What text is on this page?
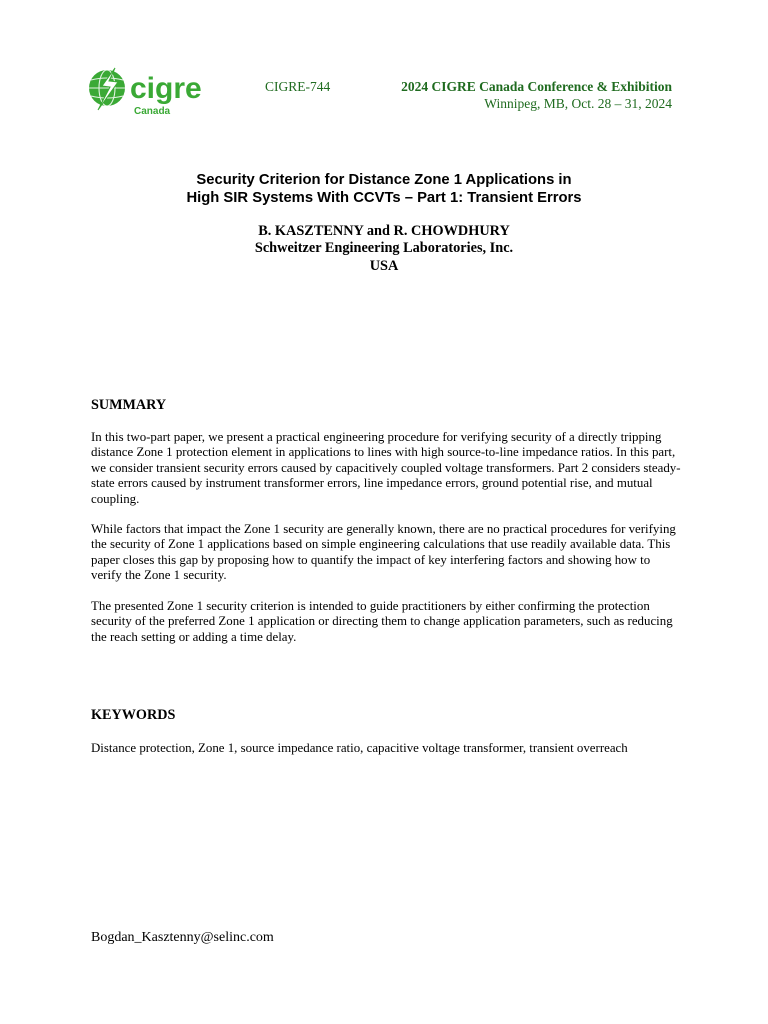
cigre
Canada
CIGRE-744	2024 CIGRE Canada Conference & Exhibition
Winnipeg, MB, Oct. 28 – 31, 2024
Security Criterion for Distance Zone 1 Applications in
High SIR Systems With CCVTs – Part 1: Transient Errors
B. KASZTENNY and R. CHOWDHURY
Schweitzer Engineering Laboratories, Inc.
USA
SUMMARY

In this two-part paper, we present a practical engineering procedure for verifying security of a directly tripping distance Zone 1 protection element in applications to lines with high source-to-line impedance ratios. In this part, we consider transient security errors caused by capacitively coupled voltage transformers. Part 2 considers steady-state errors caused by instrument transformer errors, line impedance errors, ground potential rise, and mutual coupling.

While factors that impact the Zone 1 security are generally known, there are no practical procedures for verifying the security of Zone 1 applications based on simple engineering calculations that use readily available data. This paper closes this gap by proposing how to quantify the impact of key interfering factors and showing how to verify the Zone 1 security.

The presented Zone 1 security criterion is intended to guide practitioners by either confirming the protection security of the preferred Zone 1 application or directing them to change application parameters, such as reducing the reach setting or adding a time delay.

KEYWORDS

Distance protection, Zone 1, source impedance ratio, capacitive voltage transformer, transient overreach

Bogdan_Kasztenny@selinc.com
